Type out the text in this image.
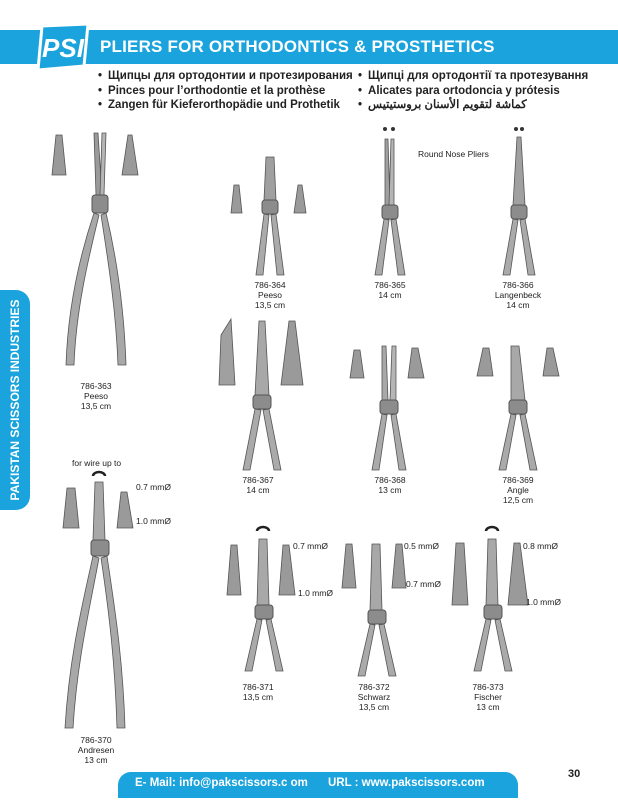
PSI PLIERS FOR ORTHODONTICS & PROSTHETICS
• Щипцы для ортодонтии и протезирования
• Pinces pour l’orthodontie et la prothèse
• Zangen für Kieferorthopädie und Prothetik
• Щипці для ортодонтії та протезування
• Alicates para ortodoncia y prótesis
• كماشة لتقويم الأسنان بروستيتيس
PAKISTAN SCISSORS INDUSTRIES
Round Nose Pliers
for wire up to
0.7 mmØ
1.0 mmØ
0.7 mmØ
1.0 mmØ
0.5 mmØ
0.7 mmØ
0.8 mmØ
1.0 mmØ
786-363
Peeso
13,5 cm
786-364
Peeso
13,5 cm
786-365
14 cm
786-366
Langenbeck
14 cm
786-367
14 cm
786-368
13 cm
786-369
Angle
12,5 cm
786-370
Andresen
13 cm
786-371
13,5 cm
786-372
Schwarz
13,5 cm
786-373
Fischer
13 cm
E- Mail: info@pakscissors.c om URL : www.pakscissors.com
30
